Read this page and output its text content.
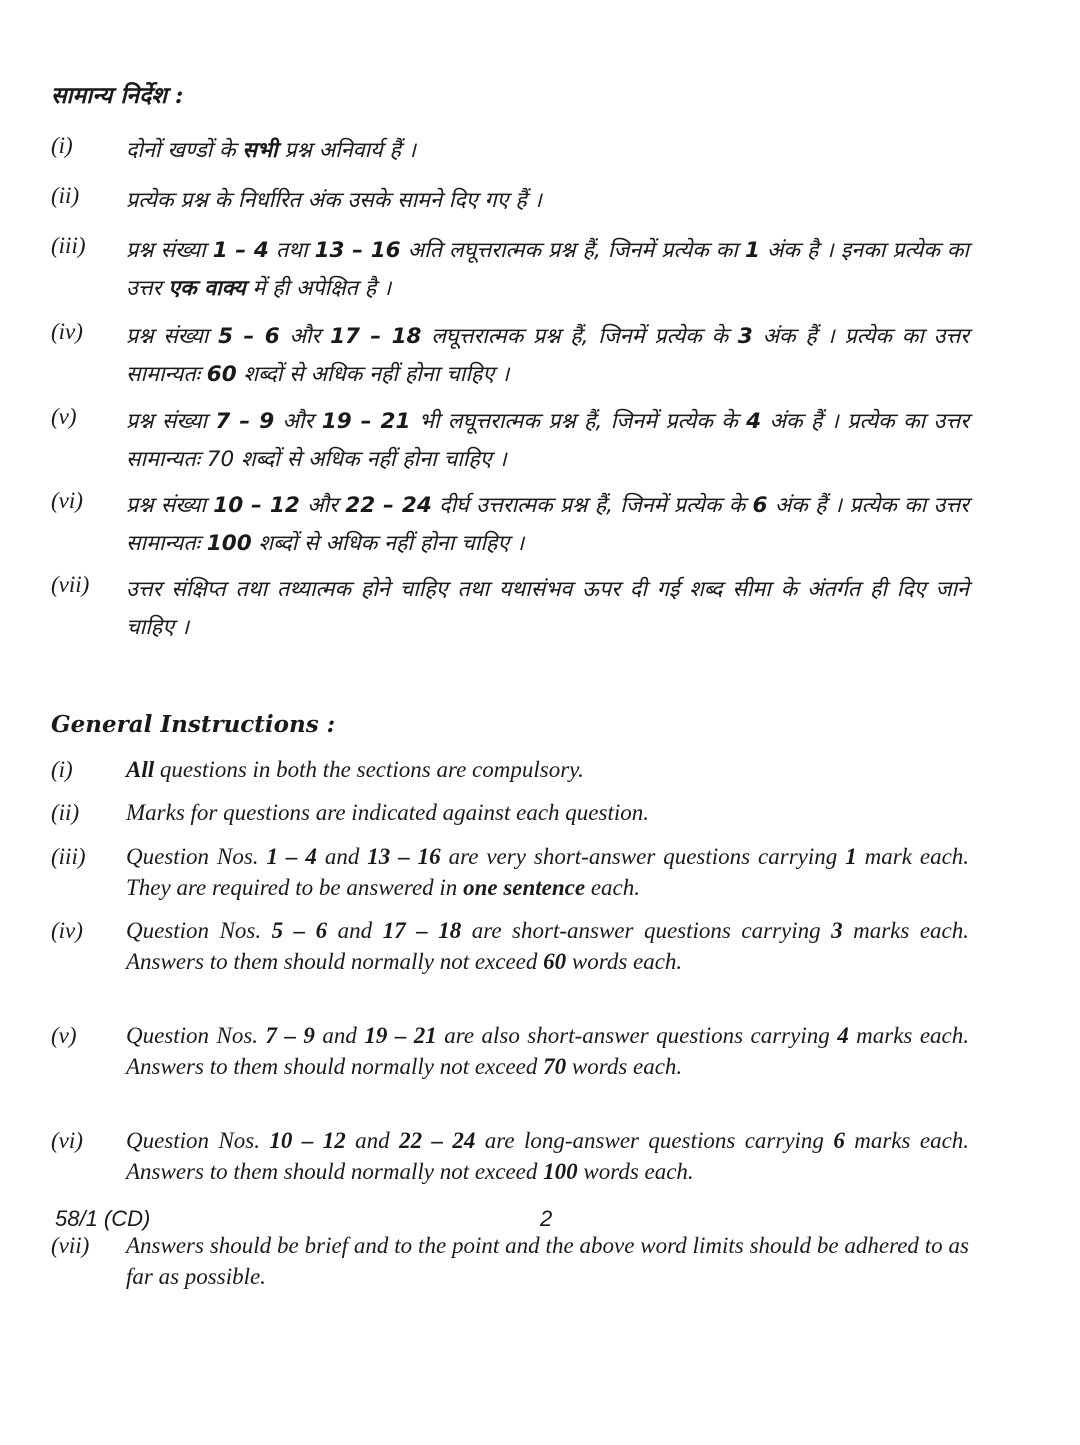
सामान्य निर्देश :
(i) दोनों खण्डों के सभी प्रश्न अनिवार्य हैं ।
(ii) प्रत्येक प्रश्न के निर्धारित अंक उसके सामने दिए गए हैं ।
(iii) प्रश्न संख्या 1 – 4 तथा 13 – 16 अति लघूत्तरात्मक प्रश्न हैं, जिनमें प्रत्येक का 1 अंक है । इनका प्रत्येक का उत्तर एक वाक्य में ही अपेक्षित है ।
(iv) प्रश्न संख्या 5 – 6 और 17 – 18 लघूत्तरात्मक प्रश्न हैं, जिनमें प्रत्येक के 3 अंक हैं । प्रत्येक का उत्तर सामान्यतः 60 शब्दों से अधिक नहीं होना चाहिए ।
(v) प्रश्न संख्या 7 – 9 और 19 – 21 भी लघूत्तरात्मक प्रश्न हैं, जिनमें प्रत्येक के 4 अंक हैं । प्रत्येक का उत्तर सामान्यतः 70 शब्दों से अधिक नहीं होना चाहिए ।
(vi) प्रश्न संख्या 10 – 12 और 22 – 24 दीर्घ उत्तरात्मक प्रश्न हैं, जिनमें प्रत्येक के 6 अंक हैं । प्रत्येक का उत्तर सामान्यतः 100 शब्दों से अधिक नहीं होना चाहिए ।
(vii) उत्तर संक्षिप्त तथा तथ्यात्मक होने चाहिए तथा यथासंभव ऊपर दी गई शब्द सीमा के अंतर्गत ही दिए जाने चाहिए ।
General Instructions :
(i) All questions in both the sections are compulsory.
(ii) Marks for questions are indicated against each question.
(iii) Question Nos. 1 – 4 and 13 – 16 are very short-answer questions carrying 1 mark each. They are required to be answered in one sentence each.
(iv) Question Nos. 5 – 6 and 17 – 18 are short-answer questions carrying 3 marks each. Answers to them should normally not exceed 60 words each.
(v) Question Nos. 7 – 9 and 19 – 21 are also short-answer questions carrying 4 marks each. Answers to them should normally not exceed 70 words each.
(vi) Question Nos. 10 – 12 and 22 – 24 are long-answer questions carrying 6 marks each. Answers to them should normally not exceed 100 words each.
(vii) Answers should be brief and to the point and the above word limits should be adhered to as far as possible.
58/1 (CD)	2
